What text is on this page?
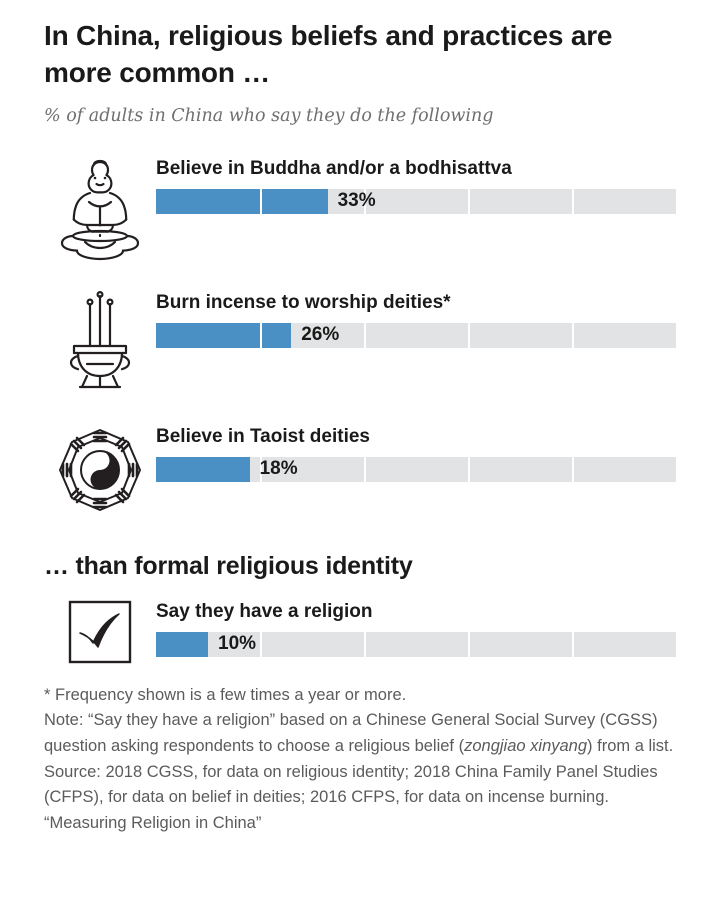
In China, religious beliefs and practices are more common …
% of adults in China who say they do the following
Believe in Buddha and/or a bodhisattva
33%
Burn incense to worship deities*
26%
Believe in Taoist deities
18%
… than formal religious identity
Say they have a religion
10%

* Frequency shown is a few times a year or more.

Note: “Say they have a religion” based on a Chinese General Social Survey (CGSS) question asking respondents to choose a religious belief (zongjiao xinyang) from a list.

Source: 2018 CGSS, for data on religious identity; 2018 China Family Panel Studies (CFPS), for data on belief in deities; 2016 CFPS, for data on incense burning.

“Measuring Religion in China”
